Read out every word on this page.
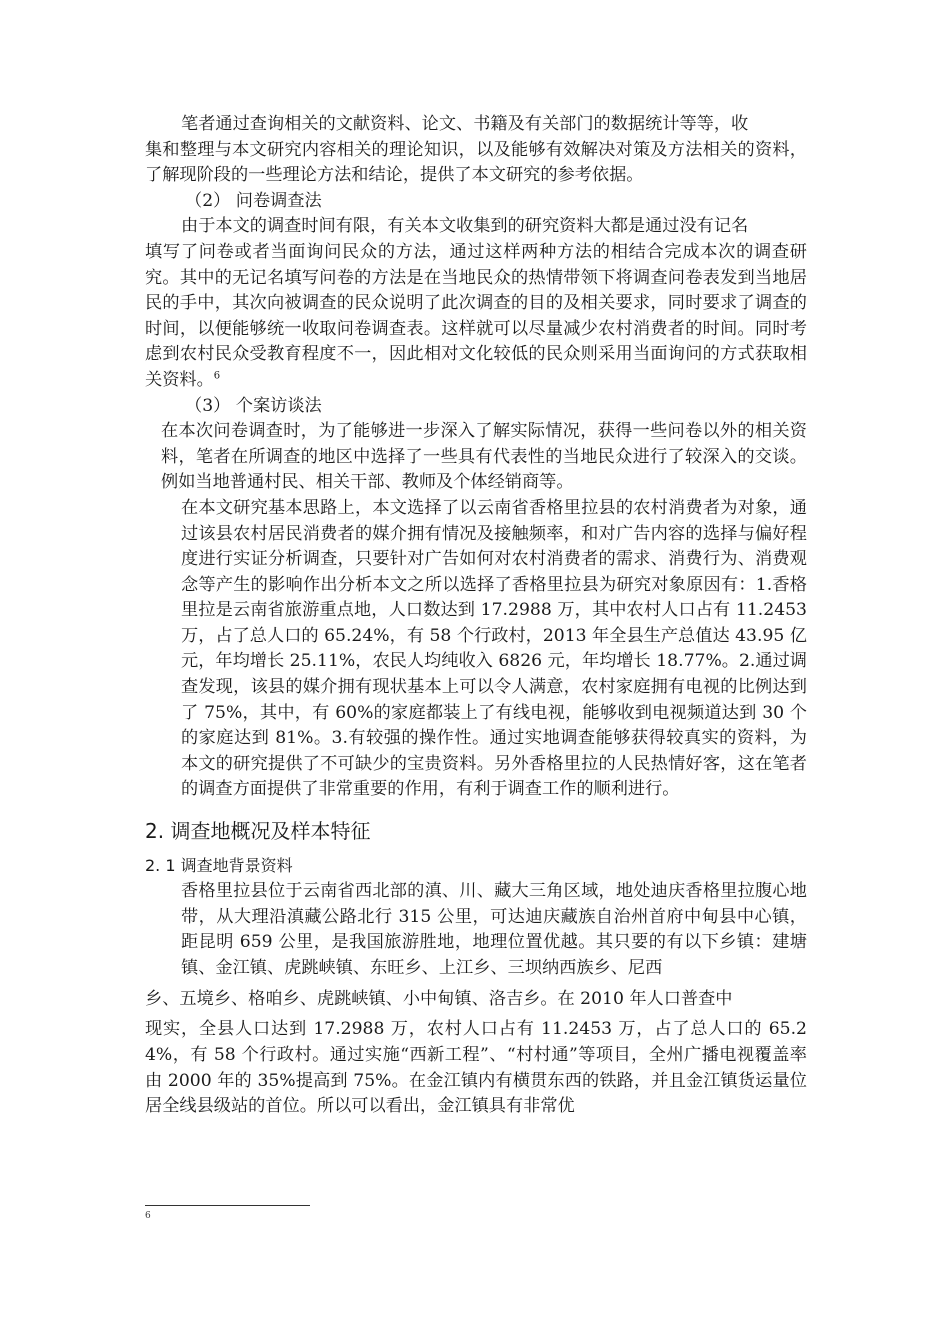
笔者通过查询相关的文献资料、论文、书籍及有关部门的数据统计等等，收

集和整理与本文研究内容相关的理论知识，以及能够有效解决对策及方法相关的资料，了解现阶段的一些理论方法和结论，提供了本文研究的参考依据。

（2） 问卷调查法

由于本文的调查时间有限，有关本文收集到的研究资料大都是通过没有记名

填写了问卷或者当面询问民众的方法，通过这样两种方法的相结合完成本次的调查研究。其中的无记名填写问卷的方法是在当地民众的热情带领下将调查问卷表发到当地居民的手中，其次向被调查的民众说明了此次调查的目的及相关要求，同时要求了调查的时间，以便能够统一收取问卷调查表。这样就可以尽量减少农村消费者的时间。同时考虑到农村民众受教育程度不一，因此相对文化较低的民众则采用当面询问的方式获取相关资料。$^6$

（3） 个案访谈法

在本次问卷调查时，为了能够进一步深入了解实际情况，获得一些问卷以外的相关资料，笔者在所调查的地区中选择了一些具有代表性的当地民众进行了较深入的交谈。例如当地普通村民、相关干部、教师及个体经销商等。

在本文研究基本思路上，本文选择了以云南省香格里拉县的农村消费者为对象，通过该县农村居民消费者的媒介拥有情况及接触频率，和对广告内容的选择与偏好程度进行实证分析调查，只要针对广告如何对农村消费者的需求、消费行为、消费观念等产生的影响作出分析本文之所以选择了香格里拉县为研究对象原因有：1.香格里拉是云南省旅游重点地，人口数达到 17.2988 万，其中农村人口占有 11.2453 万，占了总人口的 65.24%，有 58 个行政村，2013 年全县生产总值达 43.95 亿元，年均增长 25.11%，农民人均纯收入 6826 元，年均增长 18.77%。2.通过调查发现，该县的媒介拥有现状基本上可以令人满意，农村家庭拥有电视的比例达到了 75%，其中，有 60%的家庭都装上了有线电视，能够收到电视频道达到 30 个的家庭达到 81%。3.有较强的操作性。通过实地调查能够获得较真实的资料，为本文的研究提供了不可缺少的宝贵资料。另外香格里拉的人民热情好客，这在笔者的调查方面提供了非常重要的作用，有利于调查工作的顺利进行。

2. 调查地概况及样本特征
2. 1 调查地背景资料

香格里拉县位于云南省西北部的滇、川、藏大三角区域，地处迪庆香格里拉腹心地带，从大理沿滇藏公路北行 315 公里，可达迪庆藏族自治州首府中甸县中心镇，距昆明 659 公里，是我国旅游胜地，地理位置优越。其只要的有以下乡镇：建塘镇、金江镇、虎跳峡镇、东旺乡、上江乡、三坝纳西族乡、尼西

乡、五境乡、格咱乡、虎跳峡镇、小中甸镇、洛吉乡。在 2010 年人口普查中

现实，全县人口达到 17.2988 万，农村人口占有 11.2453 万，占了总人口的 65.24%，有 58 个行政村。通过实施“西新工程”、“村村通”等项目，全州广播电视覆盖率由 2000 年的 35%提高到 75%。在金江镇内有横贯东西的铁路，并且金江镇货运量位居全线县级站的首位。所以可以看出，金江镇具有非常优

6
